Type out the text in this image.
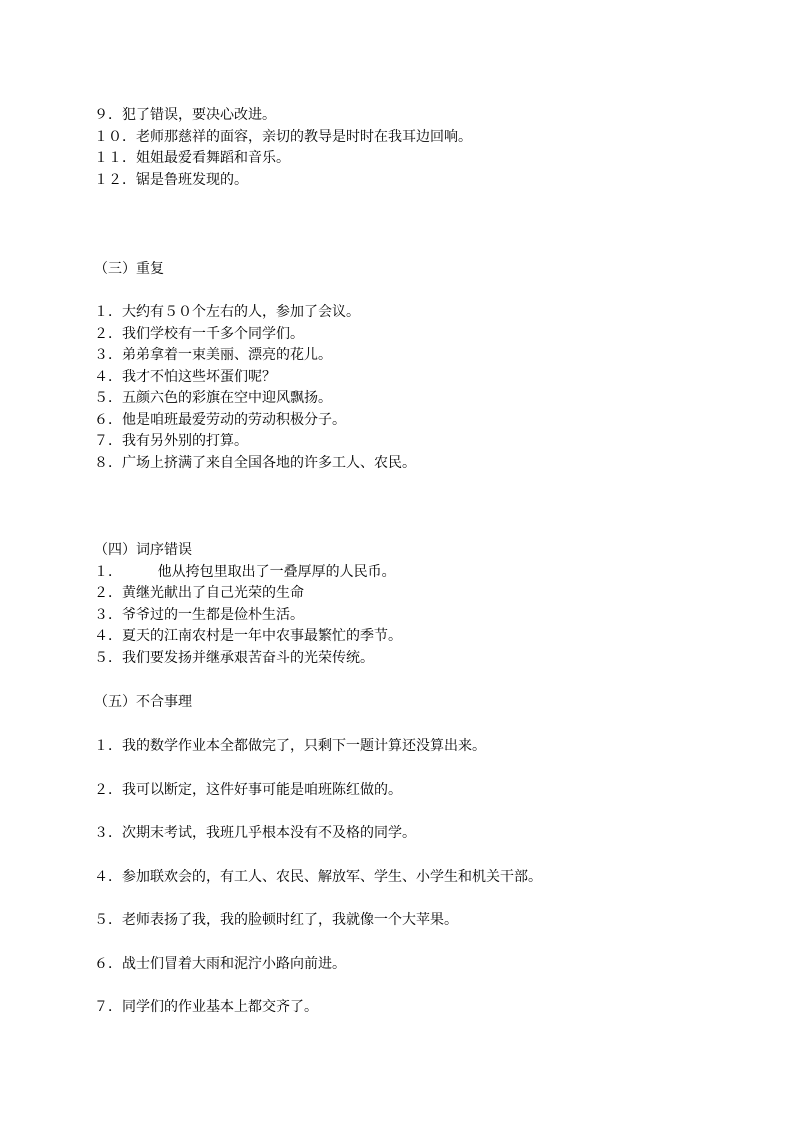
９．犯了错误，要决心改进。
１０．老师那慈祥的面容，亲切的教导是时时在我耳边回响。
１１．姐姐最爱看舞蹈和音乐。
１２．锯是鲁班发现的。
（三）重复
１．大约有５０个左右的人，参加了会议。
２．我们学校有一千多个同学们。
３．弟弟拿着一束美丽、漂亮的花儿。
４．我才不怕这些坏蛋们呢？
５．五颜六色的彩旗在空中迎风飘扬。
６．他是咱班最爱劳动的劳动积极分子。
７．我有另外别的打算。
８．广场上挤满了来自全国各地的许多工人、农民。
（四）词序错误
１．        他从挎包里取出了一叠厚厚的人民币。
２．黄继光献出了自己光荣的生命
３．爷爷过的一生都是俭朴生活。
４．夏天的江南农村是一年中农事最繁忙的季节。
５．我们要发扬并继承艰苦奋斗的光荣传统。
（五）不合事理
１．我的数学作业本全都做完了，只剩下一题计算还没算出来。
２．我可以断定，这件好事可能是咱班陈红做的。
３．次期末考试，我班几乎根本没有不及格的同学。
４．参加联欢会的，有工人、农民、解放军、学生、小学生和机关干部。
５．老师表扬了我，我的脸顿时红了，我就像一个大苹果。
６．战士们冒着大雨和泥泞小路向前进。
７．同学们的作业基本上都交齐了。
